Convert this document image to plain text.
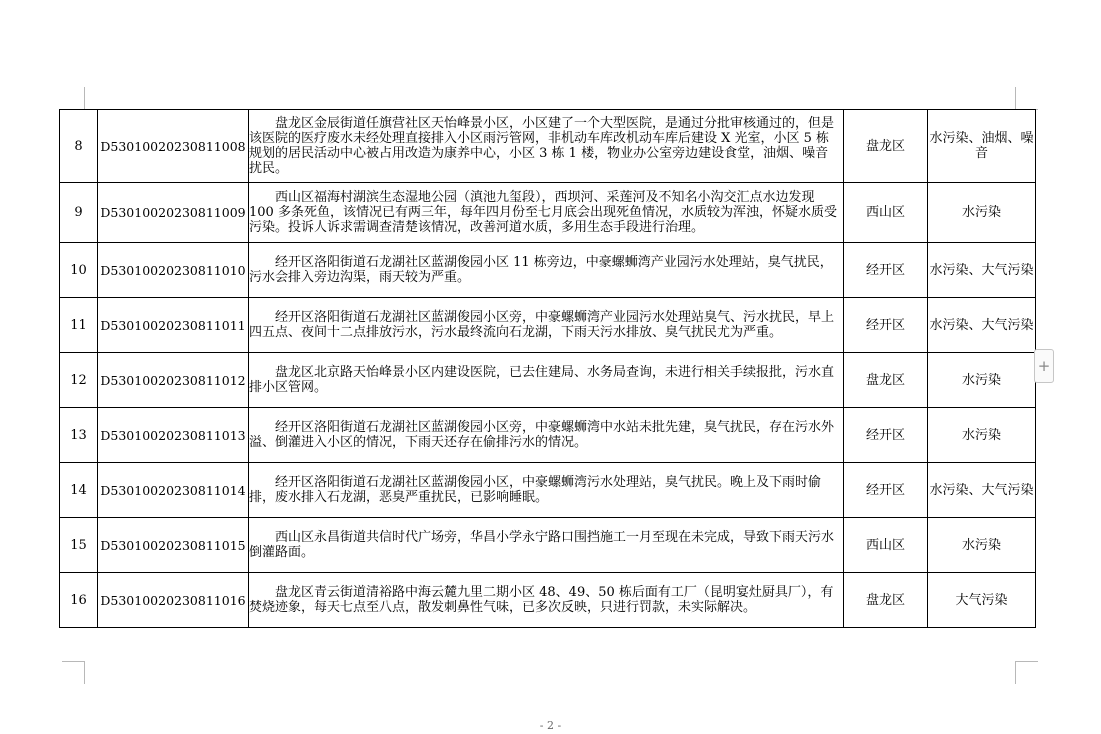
8	D53010020230811008	盘龙区金辰街道任旗营社区天怡峰景小区，小区建了一个大型医院，是通过分批审核通过的，但是该医院的医疗废水未经处理直接排入小区雨污管网，非机动车库改机动车库后建设 X 光室，小区 5 栋规划的居民活动中心被占用改造为康养中心，小区 3 栋 1 楼，物业办公室旁边建设食堂，油烟、噪音扰民。	盘龙区	水污染、油烟、噪音
9	D53010020230811009	西山区福海村湖滨生态湿地公园（滇池九玺段），西坝河、采莲河及不知名小沟交汇点水边发现 100 多条死鱼，该情况已有两三年，每年四月份至七月底会出现死鱼情况，水质较为浑浊，怀疑水质受污染。投诉人诉求需调查清楚该情况，改善河道水质，多用生态手段进行治理。	西山区	水污染
10	D53010020230811010	经开区洛阳街道石龙湖社区蓝湖俊园小区 11 栋旁边，中豪螺蛳湾产业园污水处理站，臭气扰民，污水会排入旁边沟渠，雨天较为严重。	经开区	水污染、大气污染
11	D53010020230811011	经开区洛阳街道石龙湖社区蓝湖俊园小区旁，中豪螺蛳湾产业园污水处理站臭气、污水扰民，早上四五点、夜间十二点排放污水，污水最终流向石龙湖，下雨天污水排放、臭气扰民尤为严重。	经开区	水污染、大气污染
12	D53010020230811012	盘龙区北京路天怡峰景小区内建设医院，已去住建局、水务局查询，未进行相关手续报批，污水直排小区管网。	盘龙区	水污染
13	D53010020230811013	经开区洛阳街道石龙湖社区蓝湖俊园小区旁，中豪螺蛳湾中水站未批先建，臭气扰民，存在污水外溢、倒灌进入小区的情况，下雨天还存在偷排污水的情况。	经开区	水污染
14	D53010020230811014	经开区洛阳街道石龙湖社区蓝湖俊园小区，中豪螺蛳湾污水处理站，臭气扰民。晚上及下雨时偷排，废水排入石龙湖，恶臭严重扰民，已影响睡眠。	经开区	水污染、大气污染
15	D53010020230811015	西山区永昌街道共信时代广场旁，华昌小学永宁路口围挡施工一月至现在未完成，导致下雨天污水倒灌路面。	西山区	水污染
16	D53010020230811016	盘龙区青云街道清裕路中海云麓九里二期小区 48、49、50 栋后面有工厂（昆明宴灶厨具厂），有焚烧迹象，每天七点至八点，散发刺鼻性气味，已多次反映，只进行罚款，未实际解决。	盘龙区	大气污染
+
- 2 -
